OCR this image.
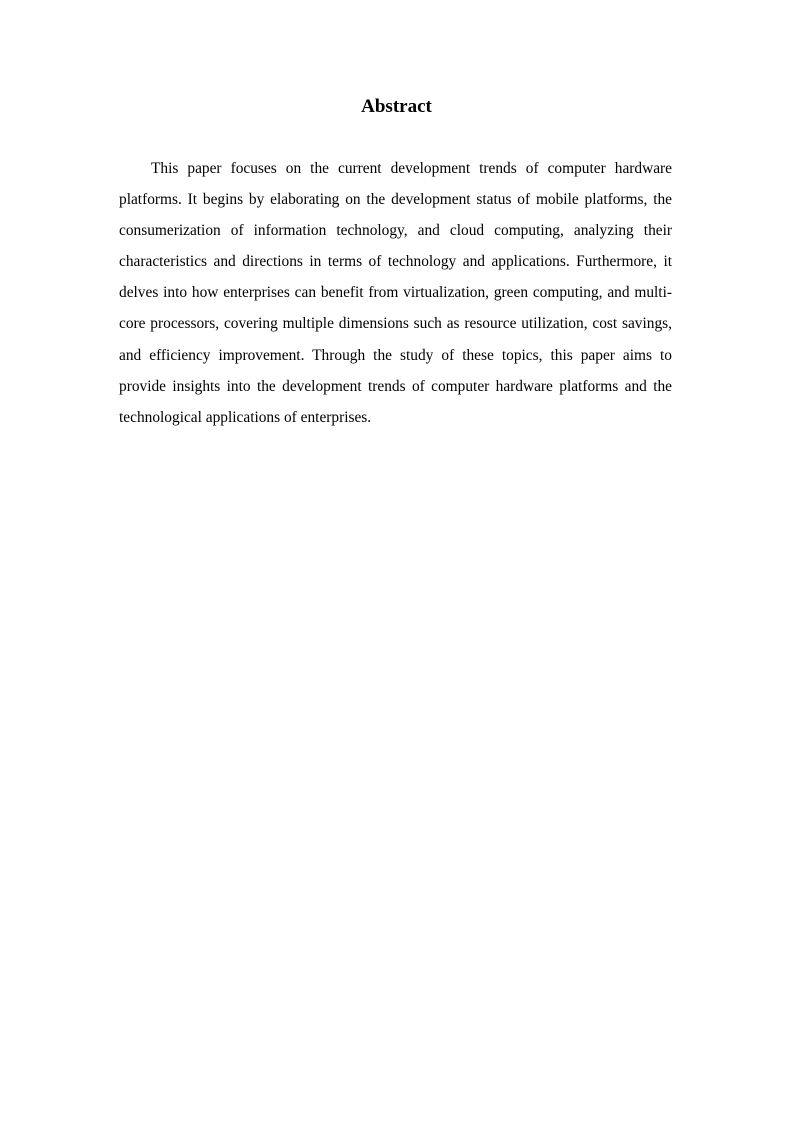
Abstract

This paper focuses on the current development trends of computer hardware platforms. It begins by elaborating on the development status of mobile platforms, the consumerization of information technology, and cloud computing, analyzing their characteristics and directions in terms of technology and applications. Furthermore, it delves into how enterprises can benefit from virtualization, green computing, and multi-core processors, covering multiple dimensions such as resource utilization, cost savings, and efficiency improvement. Through the study of these topics, this paper aims to provide insights into the development trends of computer hardware platforms and the technological applications of enterprises.
